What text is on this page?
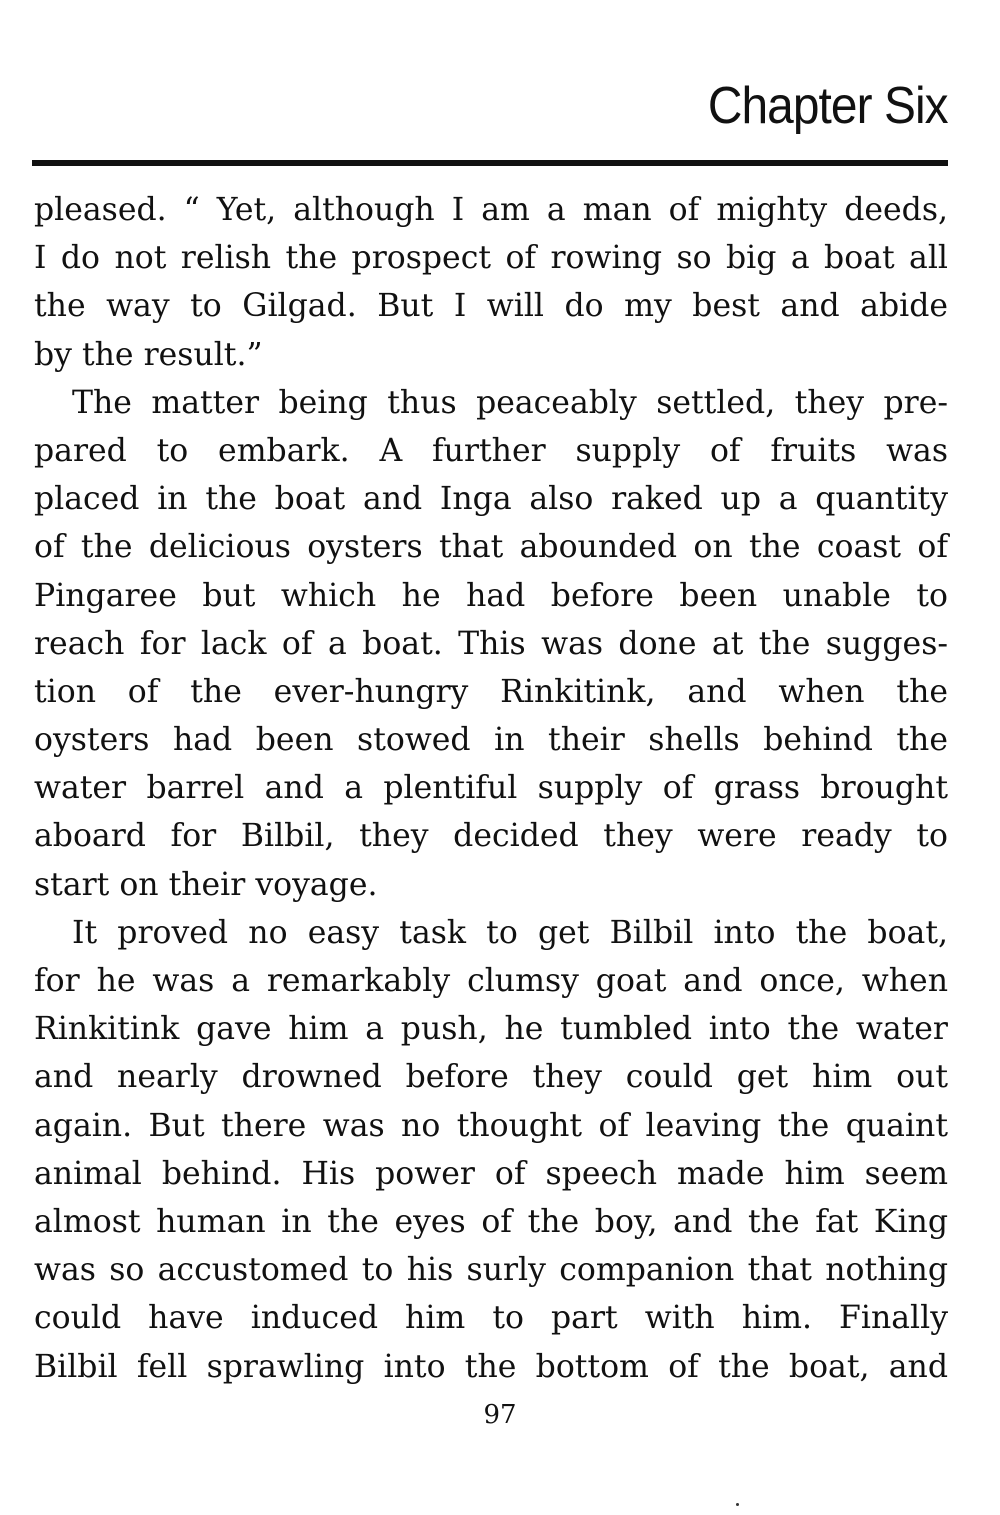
Chapter Six
pleased. “ Yet, although I am a man of mighty deeds,
I do not relish the prospect of rowing so big a boat all
the way to Gilgad. But I will do my best and abide
by the result.”
The matter being thus peaceably settled, they pre-
pared to embark. A further supply of fruits was
placed in the boat and Inga also raked up a quantity
of the delicious oysters that abounded on the coast of
Pingaree but which he had before been unable to
reach for lack of a boat. This was done at the sugges-
tion of the ever-hungry Rinkitink, and when the
oysters had been stowed in their shells behind the
water barrel and a plentiful supply of grass brought
aboard for Bilbil, they decided they were ready to
start on their voyage.
It proved no easy task to get Bilbil into the boat,
for he was a remarkably clumsy goat and once, when
Rinkitink gave him a push, he tumbled into the water
and nearly drowned before they could get him out
again. But there was no thought of leaving the quaint
animal behind. His power of speech made him seem
almost human in the eyes of the boy, and the fat King
was so accustomed to his surly companion that nothing
could have induced him to part with him. Finally
Bilbil fell sprawling into the bottom of the boat, and
97
